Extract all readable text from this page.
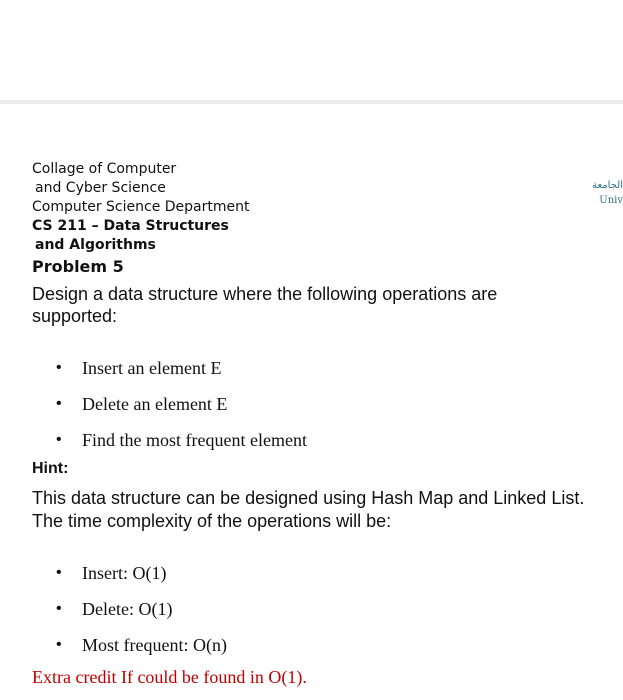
Collage of Computer
and Cyber Science
Computer Science Department
CS 211 – Data Structures
and Algorithms
الجامعة
Univ
Problem 5
Design a data structure where the following operations are
supported:
• Insert an element E
• Delete an element E
• Find the most frequent element
Hint:
This data structure can be designed using Hash Map and Linked List.
The time complexity of the operations will be:
• Insert: O(1)
• Delete: O(1)
• Most frequent: O(n)
Extra credit If could be found in O(1).
